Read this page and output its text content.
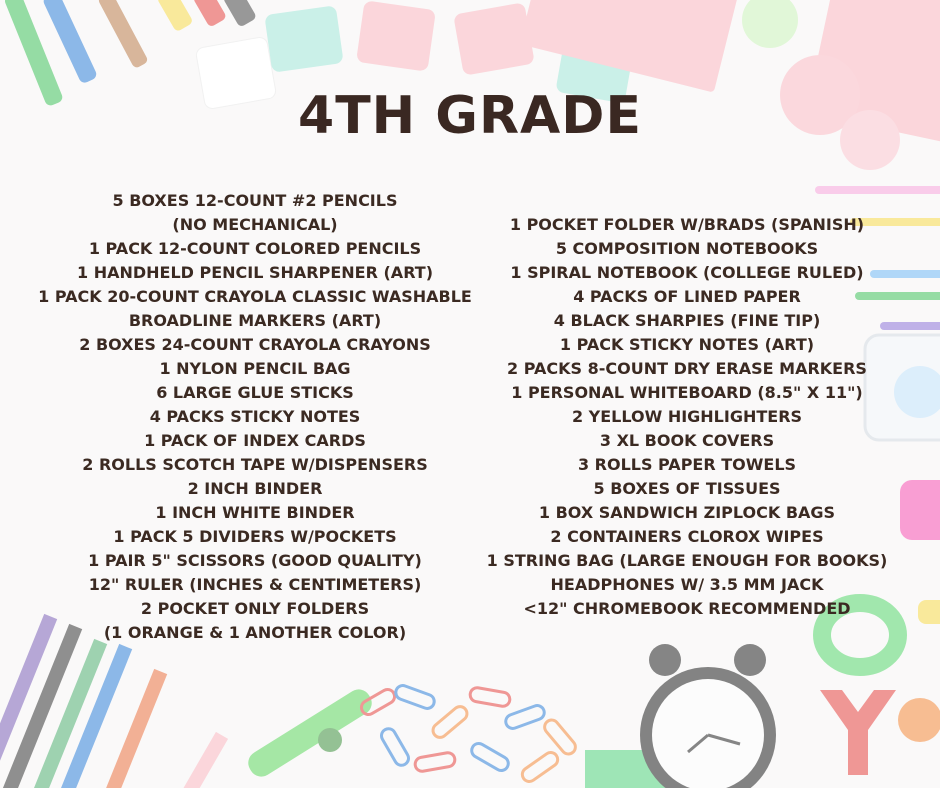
4TH GRADE
5 BOXES 12-COUNT #2 PENCILS
(NO MECHANICAL)
1 PACK 12-COUNT COLORED PENCILS
1 HANDHELD PENCIL SHARPENER (ART)
1 PACK 20-COUNT CRAYOLA CLASSIC WASHABLE
BROADLINE MARKERS (ART)
2 BOXES 24-COUNT CRAYOLA CRAYONS
1 NYLON PENCIL BAG
6 LARGE GLUE STICKS
4 PACKS STICKY NOTES
1 PACK OF INDEX CARDS
2 ROLLS SCOTCH TAPE W/DISPENSERS
2 INCH BINDER
1 INCH WHITE BINDER
1 PACK 5 DIVIDERS W/POCKETS
1 PAIR 5" SCISSORS (GOOD QUALITY)
12" RULER (INCHES & CENTIMETERS)
2 POCKET ONLY FOLDERS
(1 ORANGE & 1 ANOTHER COLOR)
1 POCKET FOLDER W/BRADS (SPANISH)
5 COMPOSITION NOTEBOOKS
1 SPIRAL NOTEBOOK (COLLEGE RULED)
4 PACKS OF LINED PAPER
4 BLACK SHARPIES (FINE TIP)
1 PACK STICKY NOTES (ART)
2 PACKS 8-COUNT DRY ERASE MARKERS
1 PERSONAL WHITEBOARD (8.5" X 11")
2 YELLOW HIGHLIGHTERS
3 XL BOOK COVERS
3 ROLLS PAPER TOWELS
5 BOXES OF TISSUES
1 BOX SANDWICH ZIPLOCK BAGS
2 CONTAINERS CLOROX WIPES
1 STRING BAG (LARGE ENOUGH FOR BOOKS)
HEADPHONES W/ 3.5 MM JACK
<12" CHROMEBOOK RECOMMENDED
